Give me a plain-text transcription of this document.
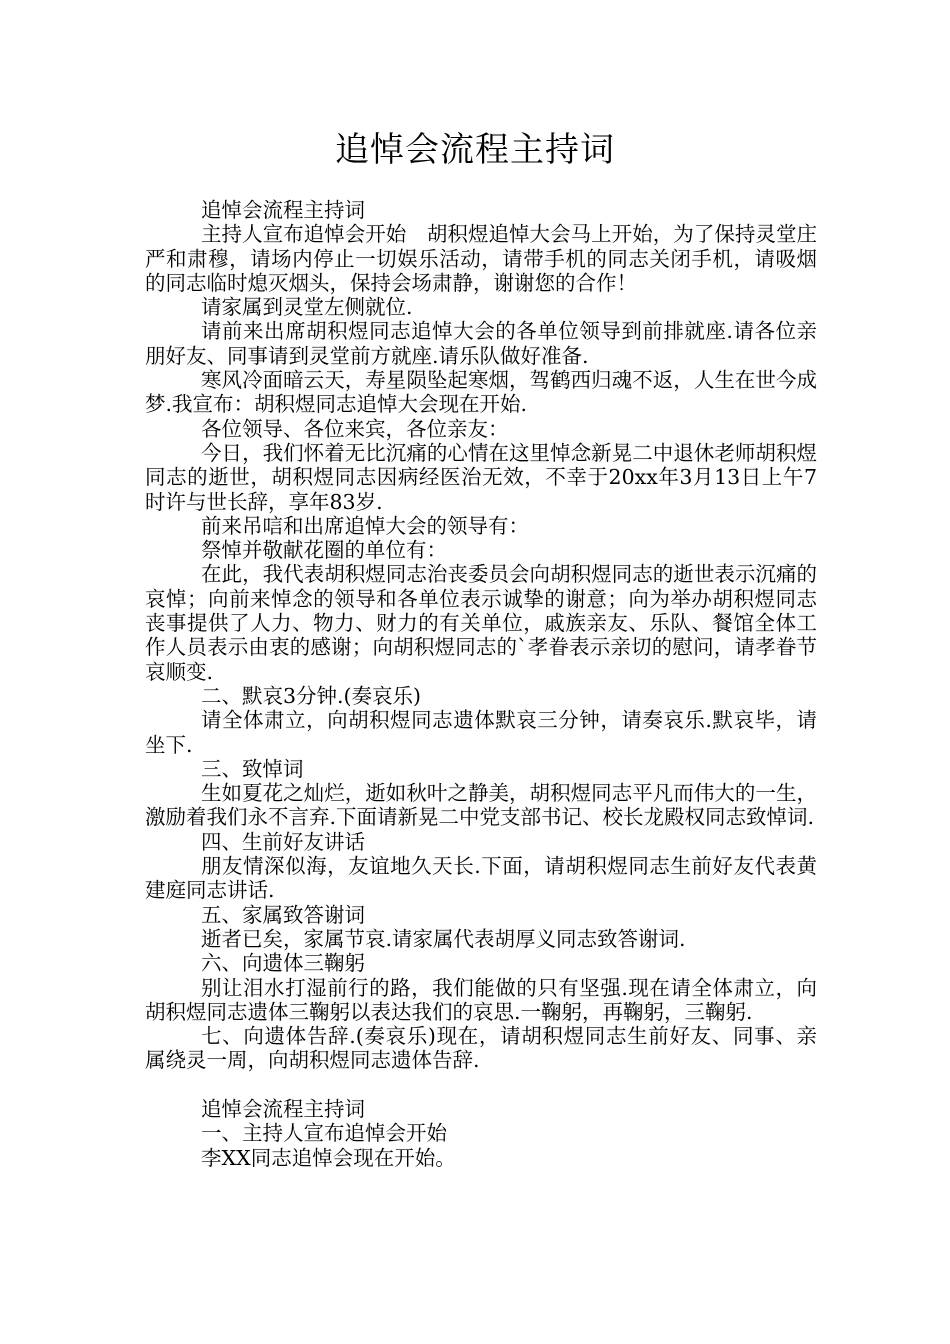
追悼会流程主持词

追悼会流程主持词

主持人宣布追悼会开始　胡积煜追悼大会马上开始，为了保持灵堂庄严和肃穆，请场内停止一切娱乐活动，请带手机的同志关闭手机，请吸烟的同志临时熄灭烟头，保持会场肃静，谢谢您的合作！

请家属到灵堂左侧就位.

请前来出席胡积煜同志追悼大会的各单位领导到前排就座.请各位亲朋好友、同事请到灵堂前方就座.请乐队做好准备.

寒风冷面暗云天，寿星陨坠起寒烟，驾鹤西归魂不返，人生在世今成梦.我宣布：胡积煜同志追悼大会现在开始.

各位领导、各位来宾，各位亲友：

今日，我们怀着无比沉痛的心情在这里悼念新晃二中退休老师胡积煜同志的逝世，胡积煜同志因病经医治无效，不幸于20xx年3月13日上午7时许与世长辞，享年83岁.

前来吊唁和出席追悼大会的领导有：

祭悼并敬献花圈的单位有：

在此，我代表胡积煜同志治丧委员会向胡积煜同志的逝世表示沉痛的哀悼；向前来悼念的领导和各单位表示诚挚的谢意；向为举办胡积煜同志丧事提供了人力、物力、财力的有关单位，戚族亲友、乐队、餐馆全体工作人员表示由衷的感谢；向胡积煜同志的`孝眷表示亲切的慰问，请孝眷节哀顺变.

二、默哀3分钟.(奏哀乐)

请全体肃立，向胡积煜同志遗体默哀三分钟，请奏哀乐.默哀毕，请坐下.

三、致悼词

生如夏花之灿烂，逝如秋叶之静美，胡积煜同志平凡而伟大的一生，激励着我们永不言弃.下面请新晃二中党支部书记、校长龙殿权同志致悼词.

四、生前好友讲话

朋友情深似海，友谊地久天长.下面，请胡积煜同志生前好友代表黄建庭同志讲话.

五、家属致答谢词

逝者已矣，家属节哀.请家属代表胡厚义同志致答谢词.

六、向遗体三鞠躬

别让泪水打湿前行的路，我们能做的只有坚强.现在请全体肃立，向胡积煜同志遗体三鞠躬以表达我们的哀思.一鞠躬，再鞠躬，三鞠躬.

七、向遗体告辞.(奏哀乐)现在，请胡积煜同志生前好友、同事、亲属绕灵一周，向胡积煜同志遗体告辞.

追悼会流程主持词

一、主持人宣布追悼会开始

李XX同志追悼会现在开始。
